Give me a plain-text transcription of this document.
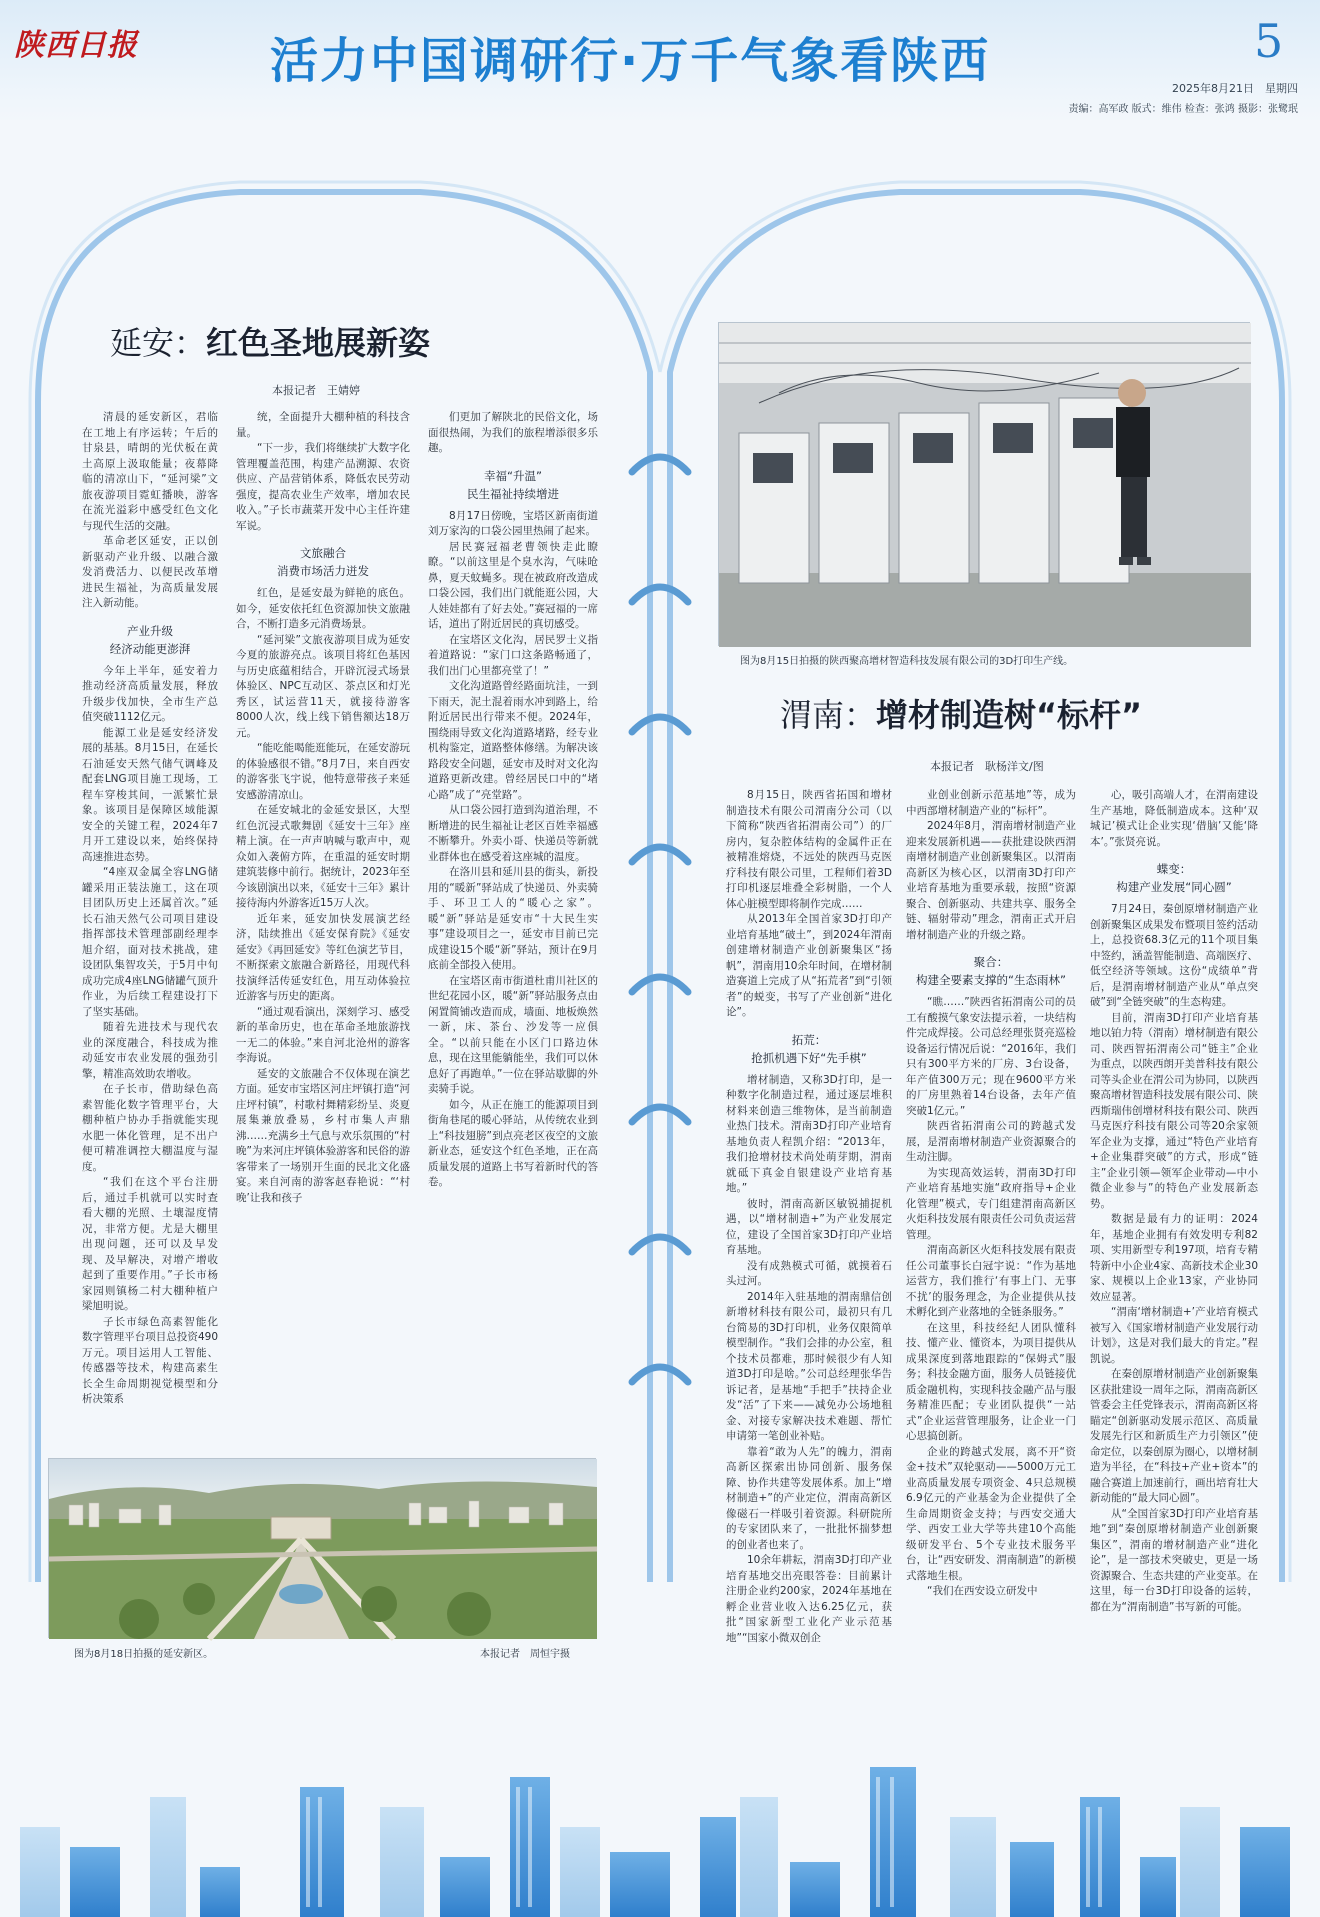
陕西日报	活力中国调研行·万千气象看陕西	5
2025年8月21日　星期四
责编：高军政 版式：维伟 检查：张鸿 摄影：张鹭珉
延安：红色圣地展新姿
本报记者　王婧婷

清晨的延安新区，君临在工地上有序运转；午后的甘泉县，晴朗的光伏板在黄土高原上汲取能量；夜幕降临的清凉山下，“延河梁”文旅夜游项目霓虹播映，游客在流光溢彩中感受红色文化与现代生活的交融。

革命老区延安，正以创新驱动产业升级、以融合激发消费活力、以便民改革增进民生福祉，为高质量发展注入新动能。

产业升级
经济动能更澎湃

今年上半年，延安着力推动经济高质量发展，释放升级步伐加快，全市生产总值突破1112亿元。

能源工业是延安经济发展的基基。8月15日，在延长石油延安天然气储气调峰及配套LNG项目施工现场，工程车穿梭其间，一派繁忙景象。该项目是保障区域能源安全的关键工程，2024年7月开工建设以来，始终保持高速推进态势。

“4座双金属全容LNG储罐采用正装法施工，这在项目团队历史上还属首次。”延长石油天然气公司项目建设指挥部技术管理部副经理李旭介绍，面对技术挑战，建设团队集智攻关，于5月中旬成功完成4座LNG储罐气顶升作业，为后续工程建设打下了坚实基础。

随着先进技术与现代农业的深度融合，科技成为推动延安市农业发展的强劲引擎，精准高效助农增收。

在子长市，借助绿色高素智能化数字管理平台，大棚种植户协办手指就能实现水肥一体化管理，足不出户便可精准调控大棚温度与湿度。

“我们在这个平台注册后，通过手机就可以实时查看大棚的光照、土壤湿度情况，非常方便。尤是大棚里出现问题，还可以及早发现、及早解决，对增产增收起到了重要作用。”子长市杨家园则镇杨二村大棚种植户梁旭明说。

子长市绿色高素智能化数字管理平台项目总投资490万元。项目运用人工智能、传感器等技术，构建高素生长全生命周期视觉模型和分析决策系

统，全面提升大棚种植的科技含量。

“下一步，我们将继续扩大数字化管理覆盖范围，构建产品溯源、农资供应、产品营销体系，降低农民劳动强度，提高农业生产效率，增加农民收入。”子长市蔬菜开发中心主任许建军说。

文旅融合
消费市场活力迸发

红色，是延安最为鲜艳的底色。如今，延安依托红色资源加快文旅融合，不断打造多元消费场景。

“延河梁”文旅夜游项目成为延安今夏的旅游亮点。该项目将红色基因与历史底蕴相结合，开辟沉浸式场景体验区、NPC互动区、茶点区和灯光秀区，试运营11天，就接待游客8000人次，线上线下销售额达18万元。

“能吃能喝能逛能玩，在延安游玩的体验感很不错。”8月7日，来自西安的游客张飞宇说，他特意带孩子来延安感游清凉山。

在延安城北的金延安景区，大型红色沉浸式歌舞剧《延安十三年》座精上演。在一声声呐喊与歌声中，观众如入袭俯方阵，在重温的延安时期建筑装修中前行。据统计，2023年至今该剧演出以来，《延安十三年》累计接待海内外游客近15万人次。

近年来，延安加快发展演艺经济，陆续推出《延安保育院》《延安　延安》《再回延安》等红色演艺节目，不断探索文旅融合新路径，用现代科技演绎活传延安红色，用互动体验拉近游客与历史的距离。

“通过观看演出，深刻学习、感受新的革命历史，也在革命圣地旅游找一无二的体验。”来自河北沧州的游客李海说。

延安的文旅融合不仅体现在演艺方面。延安市宝塔区河庄坪镇打造“河庄坪村镇”，村歌村舞精彩纷呈、炎夏展集兼放叠易，乡村市集人声鼎沸……充满乡土气息与欢乐氛围的“村晚”为来河庄坪镇体验游客和民俗的游客带来了一场别开生面的民北文化盛宴。来自河南的游客赵春艳说：“‘村晚’让我和孩子

们更加了解陕北的民俗文化，场面很热闹，为我们的旅程增添很多乐趣。

幸福“升温”
民生福祉持续增进

8月17日傍晚，宝塔区新南街道刘万家沟的口袋公园里热闹了起来。

居民赛冠福老曹领快走此瞭瞭。“以前这里是个臭水沟，气味呛鼻，夏天蚊蝇多。现在被政府改造成口袋公园，我们出门就能逛公园，大人娃娃都有了好去处。”赛冠福的一席话，道出了附近居民的真切感受。

在宝塔区文化沟，居民罗士义指着道路说：“家门口这条路畅通了，我们出门心里都亮堂了！”

文化沟道路曾经路面坑洼，一到下雨天，泥土混着雨水冲到路上，给附近居民出行带来不便。2024年，围绕雨导致文化沟道路堵路，经专业机构鉴定，道路整体修缮。为解决该路段安全问题，延安市及时对文化沟道路更新改建。曾经居民口中的“堵心路”成了“亮堂路”。

从口袋公园打造到沟道治理，不断增进的民生福祉让老区百姓幸福感不断攀升。外卖小哥、快递员等新就业群体也在感受着这座城的温度。

在洛川县和延川县的街头，新投用的“暖新”驿站成了快递员、外卖骑手、环卫工人的“暖心之家”。暖“新”驿站是延安市“十大民生实事”建设项目之一，延安市目前已完成建设15个暖“新”驿站，预计在9月底前全部投入使用。

在宝塔区南市街道杜甫川社区的世纪花园小区，暖“新”驿站服务点由闲置简铺改造而成，墙面、地板焕然一新，床、茶台、沙发等一应俱全。“以前只能在小区门口路边休息，现在这里能躺能坐，我们可以休息好了再跑单。”一位在驿站歇脚的外卖骑手说。

如今，从正在施工的能源项目到街角巷尾的暖心驿站，从传统农业到上“科技翅膀”到点亮老区夜空的文旅新业态，延安这个红色圣地，正在高质量发展的道路上书写着新时代的答卷。

图为8月18日拍摄的延安新区。	本报记者　周恒宇摄
图为8月15日拍摄的陕西聚高增材智造科技发展有限公司的3D打印生产线。
渭南：增材制造树“标杆”
本报记者　耿杨洋文/图

8月15日，陕西省拓国和增材制造技术有限公司渭南分公司（以下简称“陕西省拓渭南公司”）的厂房内，复杂腔体结构的金属件正在被精准熔烧，不远处的陕西马克医疗科技有限公司里，工程师们着3D打印机逐层堆叠全彩树脂，一个人体心脏模型即将制作完成……

从2013年全国首家3D打印产业培育基地“破土”，到2024年渭南创建增材制造产业创新聚集区“扬帆”，渭南用10余年时间，在增材制造赛道上完成了从“拓荒者”到“引领者”的蜕变，书写了产业创新“进化论”。

拓荒：
抢抓机遇下好“先手棋”

增材制造，又称3D打印，是一种数字化制造过程，通过逐层堆积材料来创造三维物体，是当前制造业热门技术。渭南3D打印产业培育基地负责人程凯介绍：“2013年，我们抢增材技术尚处萌芽期，渭南就砥下真金自银建设产业培育基地。”

彼时，渭南高新区敏锐捕捉机遇，以“增材制造+”为产业发展定位，建设了全国首家3D打印产业培育基地。

没有成熟模式可循，就摸着石头过河。

2014年入驻基地的渭南鼎信创新增材科技有限公司，最初只有几台简易的3D打印机，业务仅限简单模型制作。“我们会排的办公室，租个技术员都难，那时候很少有人知道3D打印是啥。”公司总经理张华告诉记者，是基地“手把手”扶持企业发“活”了下来——减免办公场地租金、对接专家解决技术难题、帮忙申请第一笔创业补贴。

靠着“敢为人先”的魄力，渭南高新区探索出协同创新、服务保障、协作共建等发展体系。加上“增材制造+”的产业定位，渭南高新区像磁石一样吸引着资源。科研院所的专家团队来了，一批批怀揣梦想的创业者也来了。

10余年耕耘，渭南3D打印产业培育基地交出亮眼答卷：目前累计注册企业约200家，2024年基地在孵企业营业收入达6.25亿元，获批“国家新型工业化产业示范基地”“国家小微双创企

业创业创新示范基地”等，成为中西部增材制造产业的“标杆”。

2024年8月，渭南增材制造产业迎来发展新机遇——获批建设陕西渭南增材制造产业创新聚集区。以渭南高新区为核心区，以渭南3D打印产业培育基地为重要承载，按照“资源聚合、创新驱动、共建共享、服务全链、辐射带动”理念，渭南正式开启增材制造产业的升级之路。

聚合：
构建全要素支撑的“生态雨林”

“瞧……”陕西省拓渭南公司的员工有酸摸气象安法提示着，一块结构件完成焊接。公司总经理张贤亮巡检设备运行情况后说：“2016年，我们只有300平方米的厂房、3台设备，年产值300万元；现在9600平方米的厂房里熟着14台设备，去年产值突破1亿元。”

陕西省拓渭南公司的跨越式发展，是渭南增材制造产业资源聚合的生动注脚。

为实现高效运转，渭南3D打印产业培育基地实施“政府指导+企业化管理”模式，专门组建渭南高新区火炬科技发展有限责任公司负责运营管理。

渭南高新区火炬科技发展有限责任公司董事长白冠宇说：“作为基地运营方，我们推行‘有事上门、无事不扰’的服务理念，为企业提供从技术孵化到产业落地的全链条服务。”

在这里，科技经纪人团队懂科技、懂产业、懂资本，为项目提供从成果深度到落地跟踪的“保姆式”服务；科技金融方面，服务人员链接优质金融机构，实现科技金融产品与服务精准匹配；专业团队提供“一站式”企业运营管理服务，让企业一门心思搞创新。

企业的跨越式发展，离不开“资金+技术”双轮驱动——5000万元工业高质量发展专项资金、4只总规模6.9亿元的产业基金为企业提供了全生命周期资金支持；与西安交通大学、西安工业大学等共建10个高能级研发平台、5个专业技术服务平台，让“西安研发、渭南制造”的新模式落地生根。

“我们在西安设立研发中

心，吸引高端人才，在渭南建设生产基地，降低制造成本。这种‘双城记’模式让企业实现‘借脑’又能‘降本’。”张贤亮说。

蝶变：
构建产业发展“同心圆”

7月24日，秦创原增材制造产业创新聚集区成果发布暨项目签约活动上，总投资68.3亿元的11个项目集中签约，涵盖智能制造、高端医疗、低空经济等领域。这份“成绩单”背后，是渭南增材制造产业从“单点突破”到“全链突破”的生态构建。

目前，渭南3D打印产业培育基地以铂力特（渭南）增材制造有限公司、陕西智拓渭南公司“链主”企业为重点，以陕西朗开美普科技有限公司等头企业在渭公司为协同，以陕西聚高增材智造科技发展有限公司、陕西斯瑞伟创增材科技有限公司、陕西马克医疗科技有限公司等20余家领军企业为支撑，通过“特色产业培育+企业集群突破”的方式，形成“链主”企业引领—领军企业带动—中小微企业参与”的特色产业发展新态势。

数据是最有力的证明：2024年，基地企业拥有有效发明专利82项、实用新型专利197项，培育专精特新中小企业4家、高新技术企业30家、规模以上企业13家，产业协同效应显著。

“渭南‘增材制造+’产业培育模式被写入《国家增材制造产业发展行动计划》，这是对我们最大的肯定。”程凯说。

在秦创原增材制造产业创新聚集区获批建设一周年之际，渭南高新区管委会主任党锋表示，渭南高新区将瞄定“创新驱动发展示范区、高质量发展先行区和新质生产力引领区”使命定位，以秦创原为圈心，以增材制造为半径，在“科技+产业+资本”的融合赛道上加速前行，画出培育壮大新动能的“最大同心圆”。

从“全国首家3D打印产业培育基地”到“秦创原增材制造产业创新聚集区”，渭南的增材制造产业“进化论”，是一部技术突破史，更是一场资源聚合、生态共建的产业变革。在这里，每一台3D打印设备的运转，都在为“渭南制造”书写新的可能。
